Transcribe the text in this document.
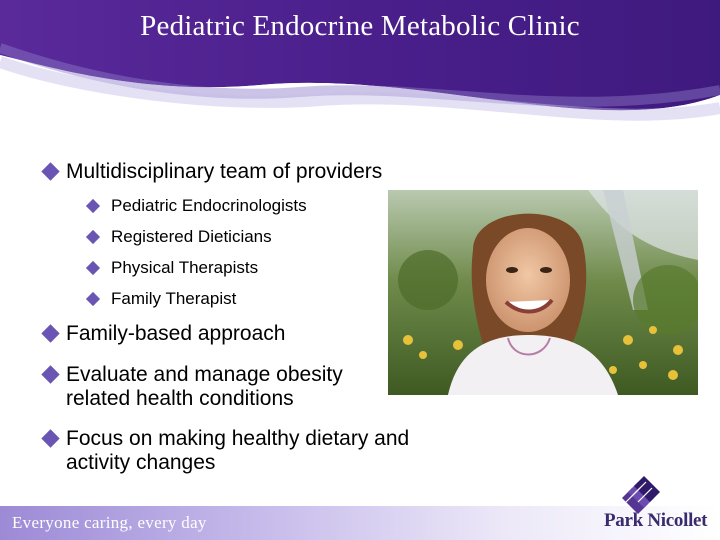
Pediatric Endocrine Metabolic Clinic
Multidisciplinary team of providers
Pediatric Endocrinologists
Registered Dieticians
Physical Therapists
Family Therapist
Family-based approach
Evaluate and manage obesity related health conditions
Focus on making healthy dietary and activity changes
Everyone caring, every day	Park Nicollet
